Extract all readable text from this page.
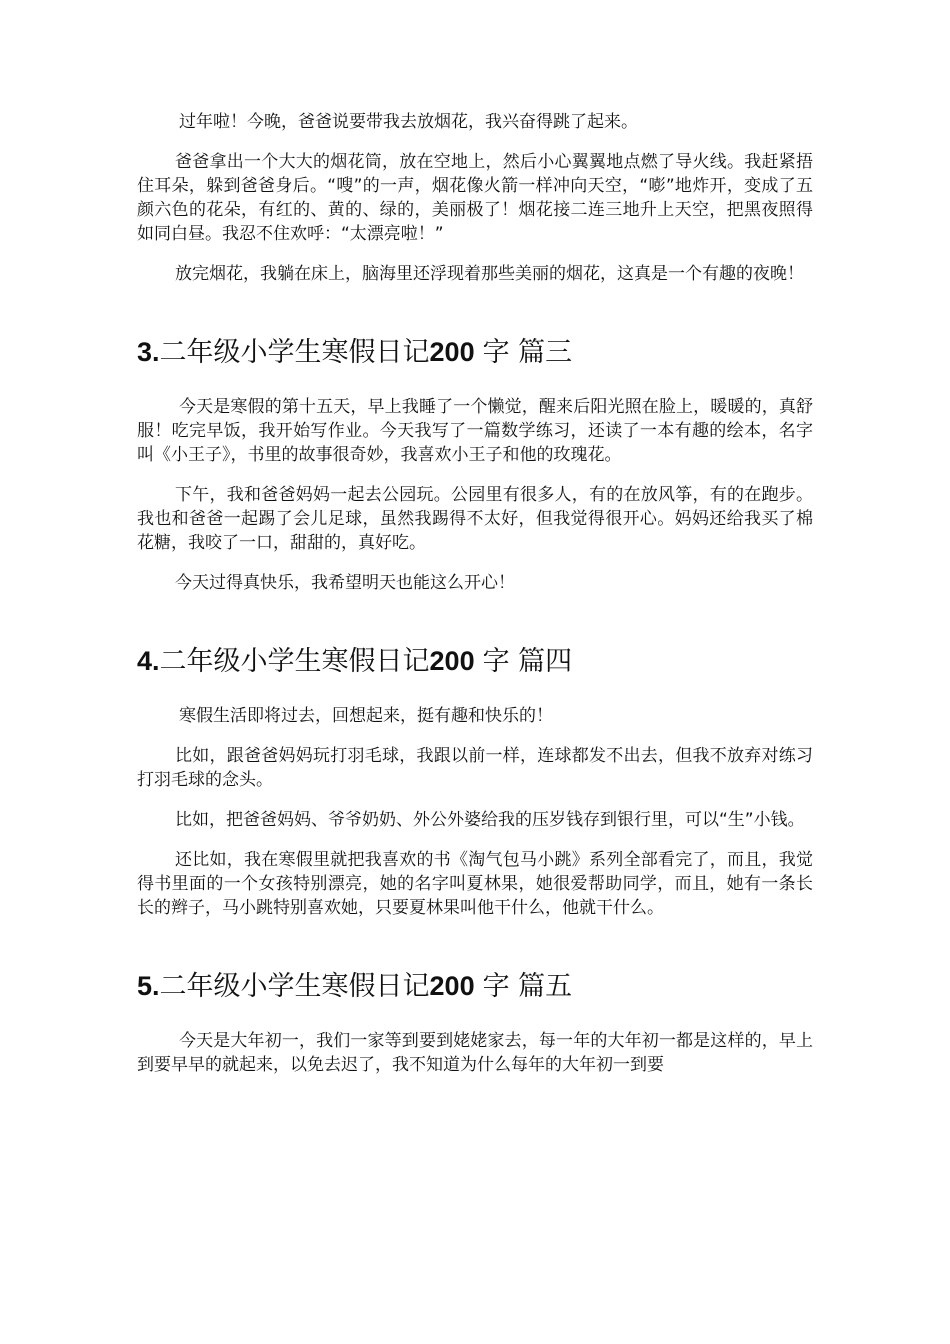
过年啦！今晚，爸爸说要带我去放烟花，我兴奋得跳了起来。

爸爸拿出一个大大的烟花筒，放在空地上，然后小心翼翼地点燃了导火线。我赶紧捂住耳朵，躲到爸爸身后。“嗖”的一声，烟花像火箭一样冲向天空，“嘭”地炸开，变成了五颜六色的花朵，有红的、黄的、绿的，美丽极了！烟花接二连三地升上天空，把黑夜照得如同白昼。我忍不住欢呼：“太漂亮啦！”

放完烟花，我躺在床上，脑海里还浮现着那些美丽的烟花，这真是一个有趣的夜晚！

3.二年级小学生寒假日记200 字 篇三

今天是寒假的第十五天，早上我睡了一个懒觉，醒来后阳光照在脸上，暖暖的，真舒服！吃完早饭，我开始写作业。今天我写了一篇数学练习，还读了一本有趣的绘本，名字叫《小王子》，书里的故事很奇妙，我喜欢小王子和他的玫瑰花。

下午，我和爸爸妈妈一起去公园玩。公园里有很多人，有的在放风筝，有的在跑步。我也和爸爸一起踢了会儿足球，虽然我踢得不太好，但我觉得很开心。妈妈还给我买了棉花糖，我咬了一口，甜甜的，真好吃。

今天过得真快乐，我希望明天也能这么开心！

4.二年级小学生寒假日记200 字 篇四

寒假生活即将过去，回想起来，挺有趣和快乐的！

比如，跟爸爸妈妈玩打羽毛球，我跟以前一样，连球都发不出去，但我不放弃对练习打羽毛球的念头。

比如，把爸爸妈妈、爷爷奶奶、外公外婆给我的压岁钱存到银行里，可以“生”小钱。

还比如，我在寒假里就把我喜欢的书《淘气包马小跳》系列全部看完了，而且，我觉得书里面的一个女孩特别漂亮，她的名字叫夏林果，她很爱帮助同学，而且，她有一条长长的辫子，马小跳特别喜欢她，只要夏林果叫他干什么，他就干什么。

5.二年级小学生寒假日记200 字 篇五

今天是大年初一，我们一家等到要到姥姥家去，每一年的大年初一都是这样的，早上到要早早的就起来，以免去迟了，我不知道为什么每年的大年初一到要
